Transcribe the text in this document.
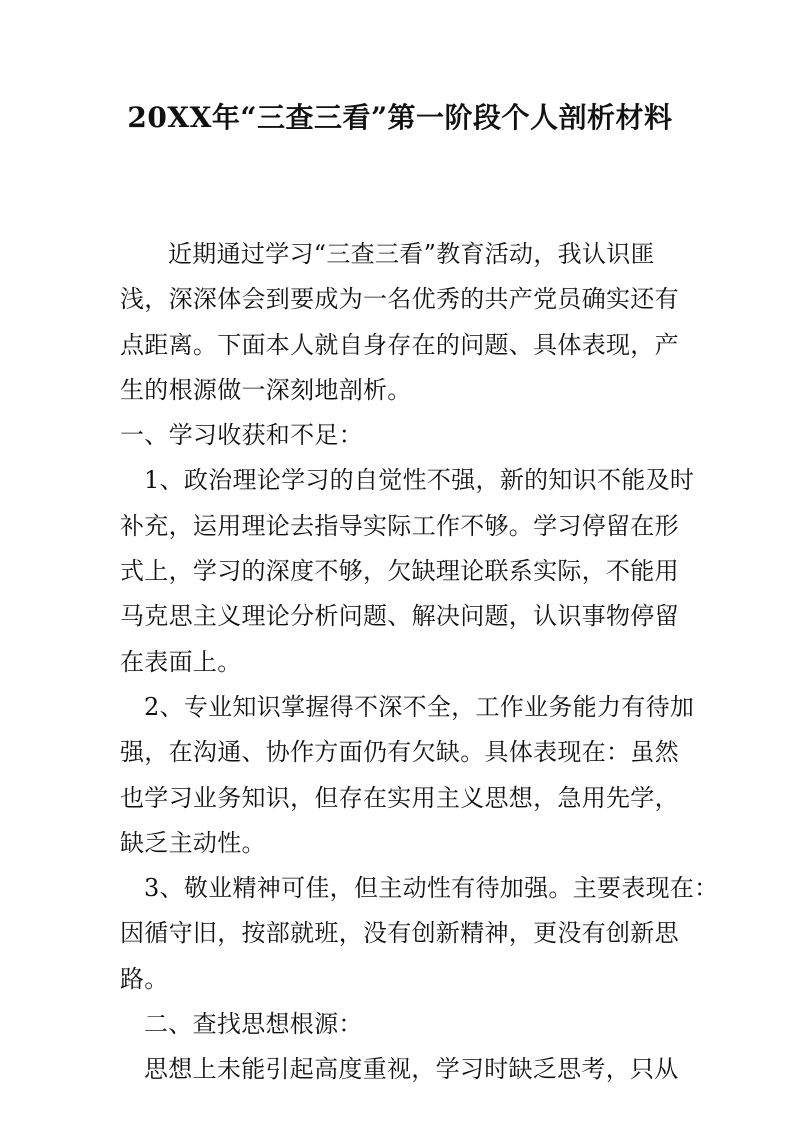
20XX年“三查三看”第一阶段个人剖析材料
近期通过学习“三查三看”教育活动，我认识匪
浅，深深体会到要成为一名优秀的共产党员确实还有
点距离。下面本人就自身存在的问题、具体表现，产
生的根源做一深刻地剖析。
一、学习收获和不足：
1、政治理论学习的自觉性不强，新的知识不能及时
补充，运用理论去指导实际工作不够。学习停留在形
式上，学习的深度不够，欠缺理论联系实际，不能用
马克思主义理论分析问题、解决问题，认识事物停留
在表面上。
2、专业知识掌握得不深不全，工作业务能力有待加
强，在沟通、协作方面仍有欠缺。具体表现在：虽然
也学习业务知识，但存在实用主义思想，急用先学，
缺乏主动性。
3、敬业精神可佳，但主动性有待加强。主要表现在：
因循守旧，按部就班，没有创新精神，更没有创新思
路。
二、查找思想根源：
思想上未能引起高度重视，学习时缺乏思考，只从
